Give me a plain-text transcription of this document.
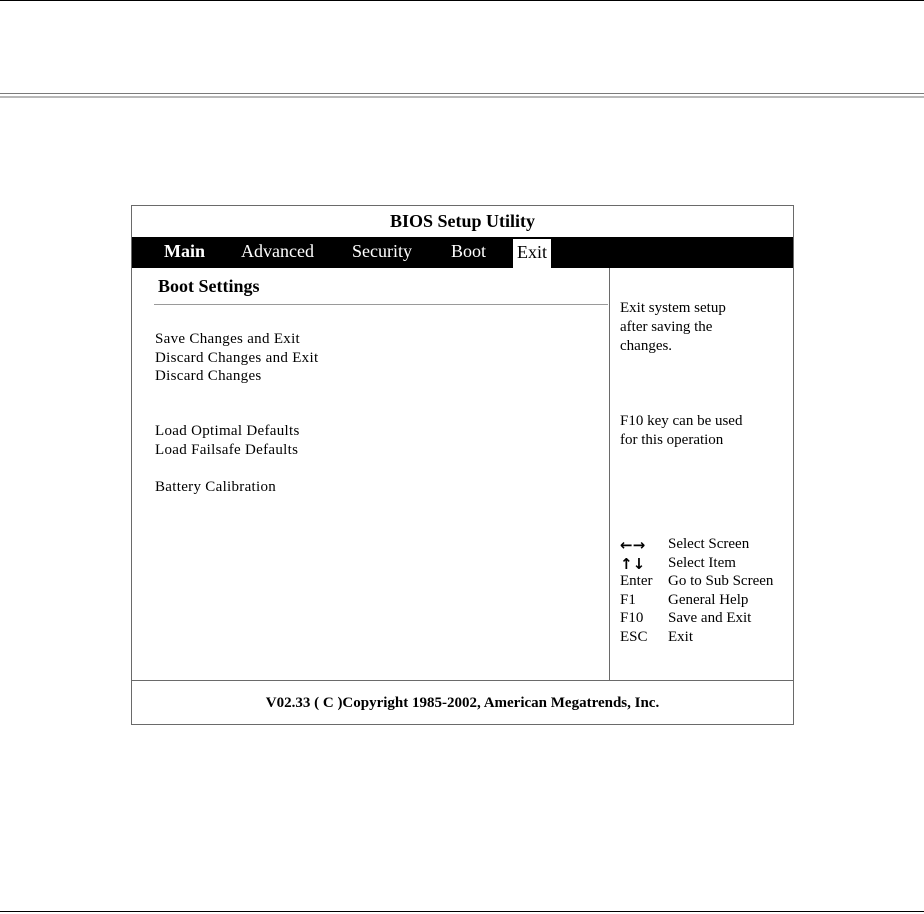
BIOS Setup Utility
Main Advanced Security Boot Exit
Boot Settings
Save Changes and Exit
Discard Changes and Exit
Discard Changes
Load Optimal Defaults
Load Failsafe Defaults
Battery Calibration

Exit system setup
after saving the
changes.

F10 key can be used
for this operation

←→ Select Screen
↑↓ Select Item
Enter Go to Sub Screen
F1 General Help
F10 Save and Exit
ESC Exit
V02.33 ( C )Copyright 1985-2002, American Megatrends, Inc.
